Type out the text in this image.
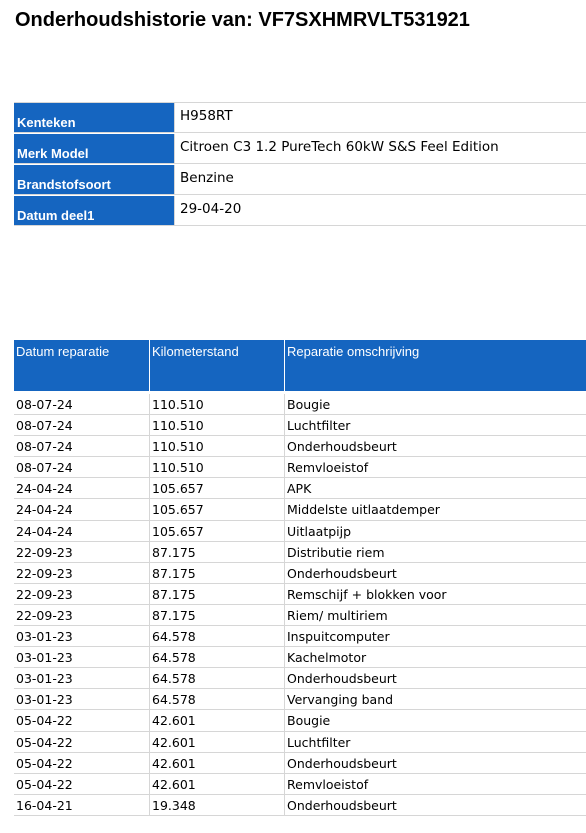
Onderhoudshistorie van: VF7SXHMRVLT531921
Kenteken	H958RT
Merk Model	Citroen C3 1.2 PureTech 60kW S&S Feel Edition
Brandstofsoort	Benzine
Datum deel1	29-04-20
Datum reparatie	Kilometerstand	Reparatie omschrijving
08-07-24	110.510	Bougie
08-07-24	110.510	Luchtfilter
08-07-24	110.510	Onderhoudsbeurt
08-07-24	110.510	Remvloeistof
24-04-24	105.657	APK
24-04-24	105.657	Middelste uitlaatdemper
24-04-24	105.657	Uitlaatpijp
22-09-23	87.175	Distributie riem
22-09-23	87.175	Onderhoudsbeurt
22-09-23	87.175	Remschijf + blokken voor
22-09-23	87.175	Riem/ multiriem
03-01-23	64.578	Inspuitcomputer
03-01-23	64.578	Kachelmotor
03-01-23	64.578	Onderhoudsbeurt
03-01-23	64.578	Vervanging band
05-04-22	42.601	Bougie
05-04-22	42.601	Luchtfilter
05-04-22	42.601	Onderhoudsbeurt
05-04-22	42.601	Remvloeistof
16-04-21	19.348	Onderhoudsbeurt
